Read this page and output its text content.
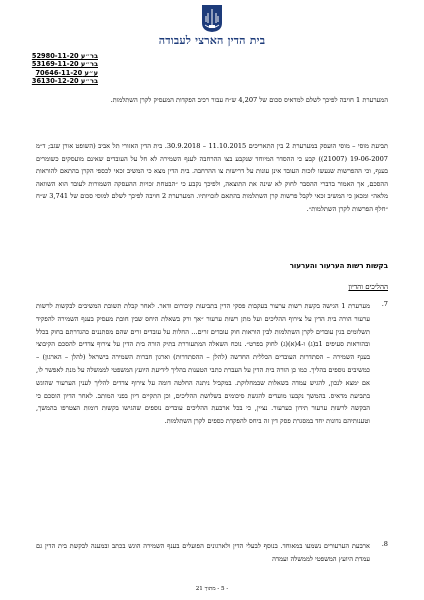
בית הדין הארצי לעבודה
בר״ע 52980-11-20
בר״ע 53169-11-20
ע״ע 70646-11-20
בר״ע 36130-12-20
המערערת 1 חויבה לפיכך לשלם למדאיס סכום של 4,207 ש״ח עבור רכיב הפקדות המעסיק לקרן השתלמות.
תביעת מוסי – מוסי הועסק במערערת 2 בין התאריכים 11.10.2015 – 30.9.2018. בית הדין האזורי תל אביב (השופט אורן שגב; ד״מ 19-06-2007 (21007)) קבע כי ההסדר המיוחד שנקבע בצו ההרחבה לענף השמירה לא חל על העובדים שאינם מועסקים כשומרים בענף, וכי ההפרשות שנעשו לזכות העובד אינן עונות על דרישות צו ההרחבה. בית הדין מצא כי המשיב זכאי לכספי הקרן בהתאם להוראות ההסכם, אך האמור בדברי ההסבר לחוק לא שינה את התוצאה, ולפיכך נקבע כי ״הבטחת זכויות ההעסקה השמורות לעובד הוא השוואה מלאה״ ומכאן כי המשיב זכאי לקבל פרשות קרן השתלמות בהתאם לזכויותיו. המערערת 2 חויבה לפיכך לשלם למוסי סכום של 3,741 ש״ח ״חלף הפרשות לקרן השתלמות״.
בקשות רשות הערעור והערעור
ההליכים והדיון
7.
מערערת 1 הגישה בקשת רשות ערעור בעקבות פסקי הדין בתביעות קיבורום ודאר. לאחר קבלת תשובת המשיבים לבקשות לרשות ערעור הורה בית הדין על צירוף ההליכים ועל מתן רשות ערעור ״אך ורק בשאלת היחס שבין חובת מעסיק בענף השמירה להפקיד תשלומים בגין עובדים לקרן השתלמות לבין הוראות חוק עובדים זרים... החלות על עובדים זרים שהם מסתננים כהגדרתם בחוק בכלל ובהוראות סעיפים 1ב(ג) ו-4(א)(ג) לחוק בפרט״. נוכח השאלה המתעוררת בתיק הורה בית הדין על צירוף צדדים להסכם הקיבוצי בענף השמירה – הסתדרות העובדים הכללית החדשה (להלן – ההסתדרות) וארגון חברות השמירה בישראל (להלן – הארגון) – כמשיבים נוספים בהליך. כמו כן הורה בית הדין על העברת כתבי הטענות בהליך לידיעת היועץ המשפטי לממשלה על מנת לאפשר לו, אם ימצא לנכון, להגיש עמדה בשאלות שבמחלוקת. במקביל ניתנה החלטה דומה על צירוף צדדים להליך לענין הערעור שהוגש בתביעת מדאיס. בהמשך נקבעו מועדים להגשת סיכומים בשלושת ההליכים, וכן התקיים דיון בפני המותב. לאחר הדיון הוסכם כי הבקשה לרשות ערעור תידון כערעור. נציין, כי בכל ארבעת ההליכים עובדים נוספים שהגישו בקשות דומות הצטרפו בהמשך, וטענותיהם נדונות יחד במסגרת פסק דין זה ביחס להפקדת כספים לקרן השתלמות.
8.
ארבעת הערעורים נשמעו במאוחד. בנוסף לבעלי הדין ולארגונים הפועלים בענף השמירה הוגש בכתב ובמענה לבקשת בית הדין גם עמדת היועץ המשפטי לממשלה ועמדה
- 5 - מתוך 21
